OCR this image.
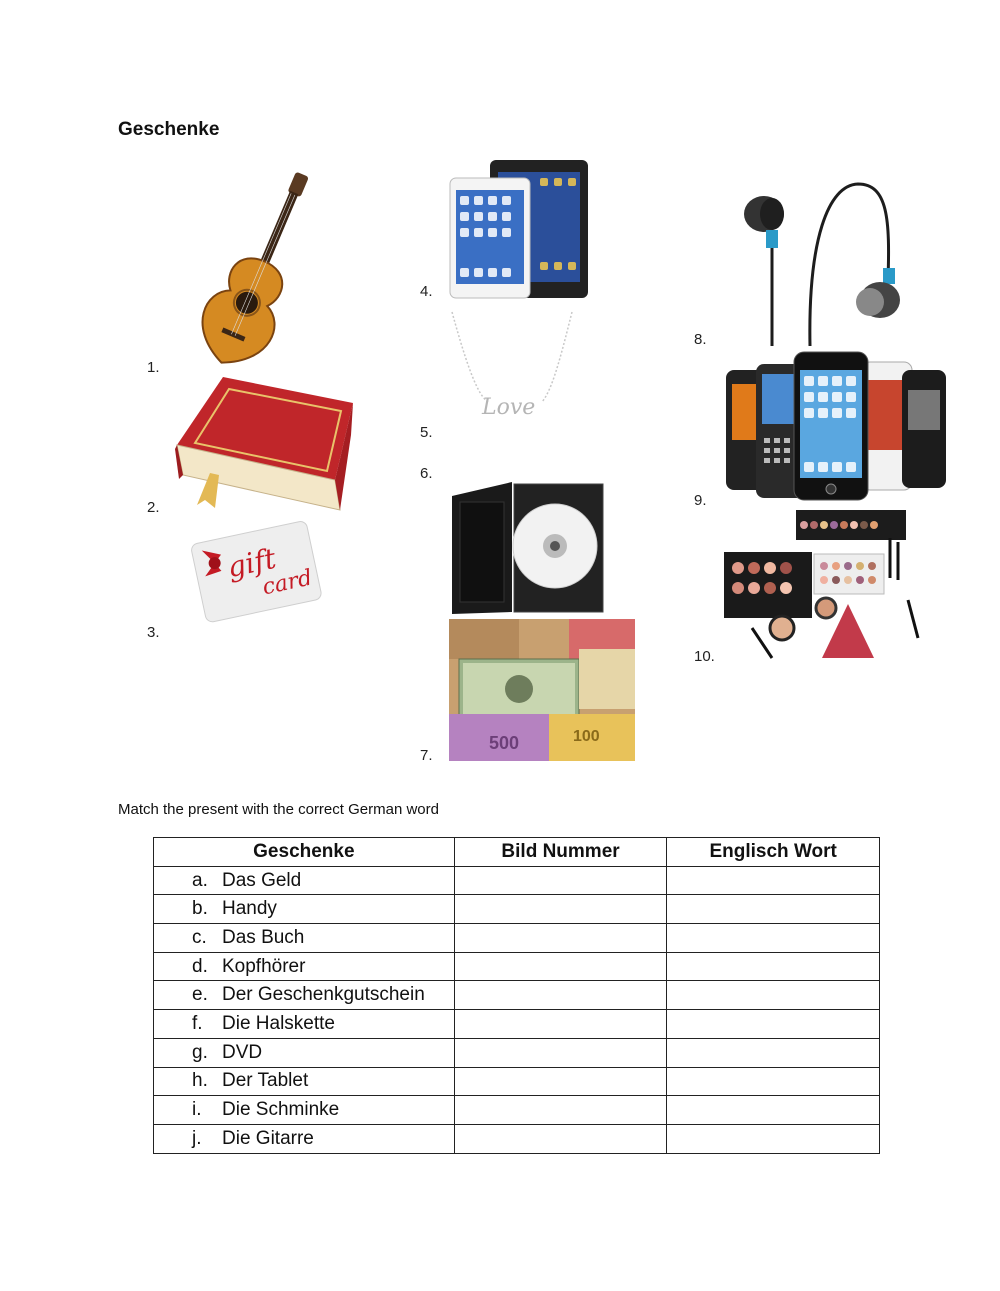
Geschenke
1.
2.
3.
4.
5.
6.
7.
8.
9.
10.
gift
card
Love
500	100
Match the present with the correct German word
Geschenke	Bild Nummer	Englisch Wort
a. Das Geld		
b. Handy		
c. Das Buch		
d. Kopfhörer		
e. Der Geschenkgutschein		
f. Die Halskette		
g. DVD		
h. Der Tablet		
i. Die Schminke		
j. Die Gitarre		
